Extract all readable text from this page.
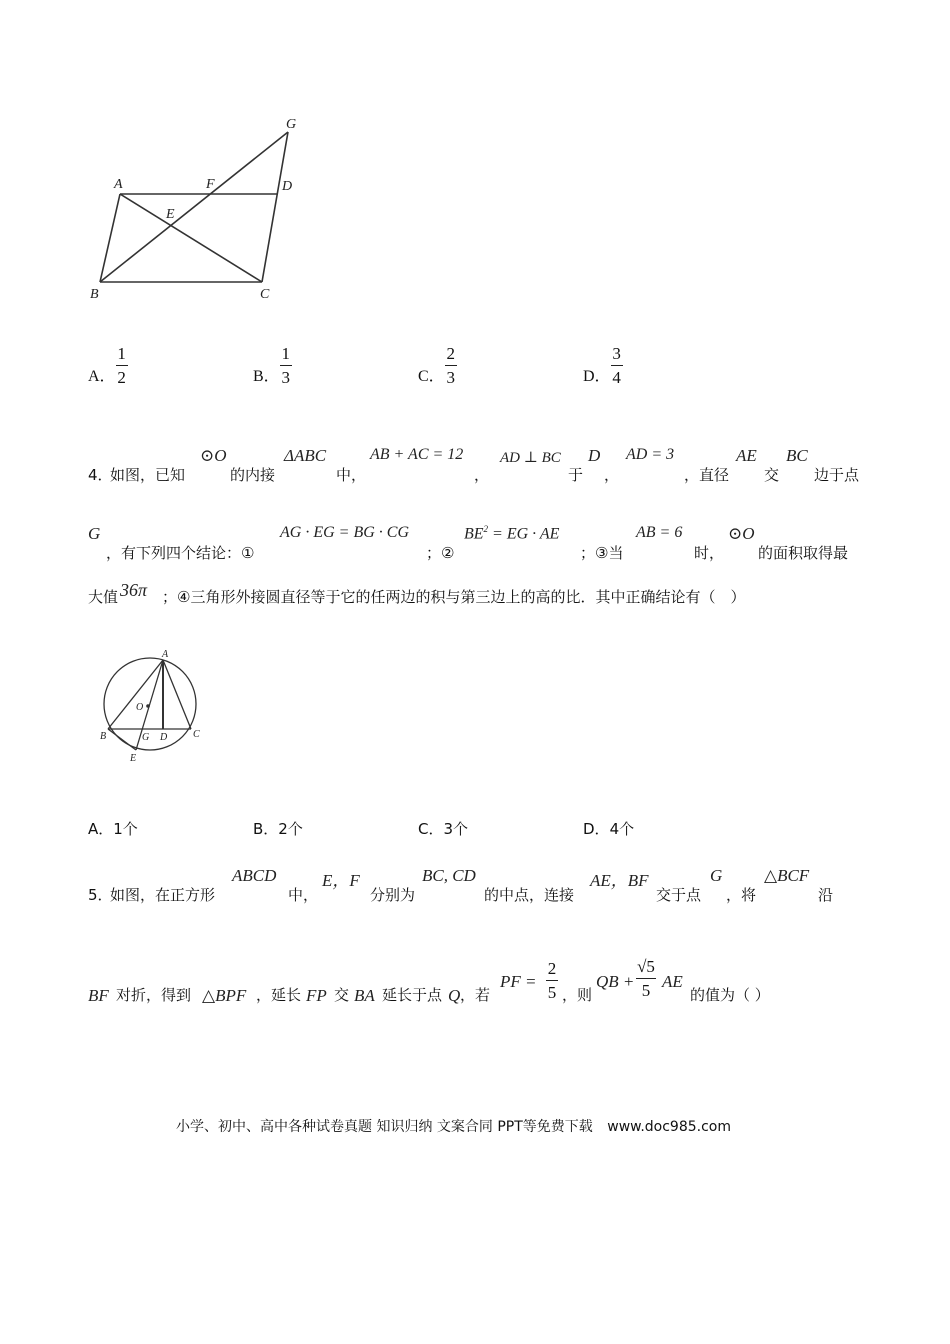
A
B	C
D
E
F
G
A． $\frac{1}{2}$	B． $\frac{1}{3}$	C． $\frac{2}{3}$	D． $\frac{3}{4}$
4．
如图，已知
⊙O
的内接
ΔABC
中，
AB + AC = 12
，
AD ⊥ BC
于
D
，
AD = 3
，直径
AE
交
BC
边于点
G
，有下列四个结论：①
AG · EG = BG · CG
；②
$BE^2$ = EG · AE
；③当
AB = 6
时，
⊙O
的面积取得最
大值 36π ；④三角形外接圆直径等于它的任两边的积与第三边上的高的比．其中正确结论有（　）
A
O
B	G D	C
E
A．1个	B．2个	C．3个	D．4个
5．
如图，在正方形
ABCD
中，
E，F
分别为
BC, CD
的中点，连接
AE，BF
交于点
G
，将
△BCF
沿
BF 对折，得到 △BPF ，延长 FP 交 BA 延长于点 Q ，若
PF =
2
5 ，则
QB +
√5
5 AE
的值为（ ）
小学、初中、高中各种试卷真题 知识归纳 文案合同 PPT等免费下载 www.doc985.com
